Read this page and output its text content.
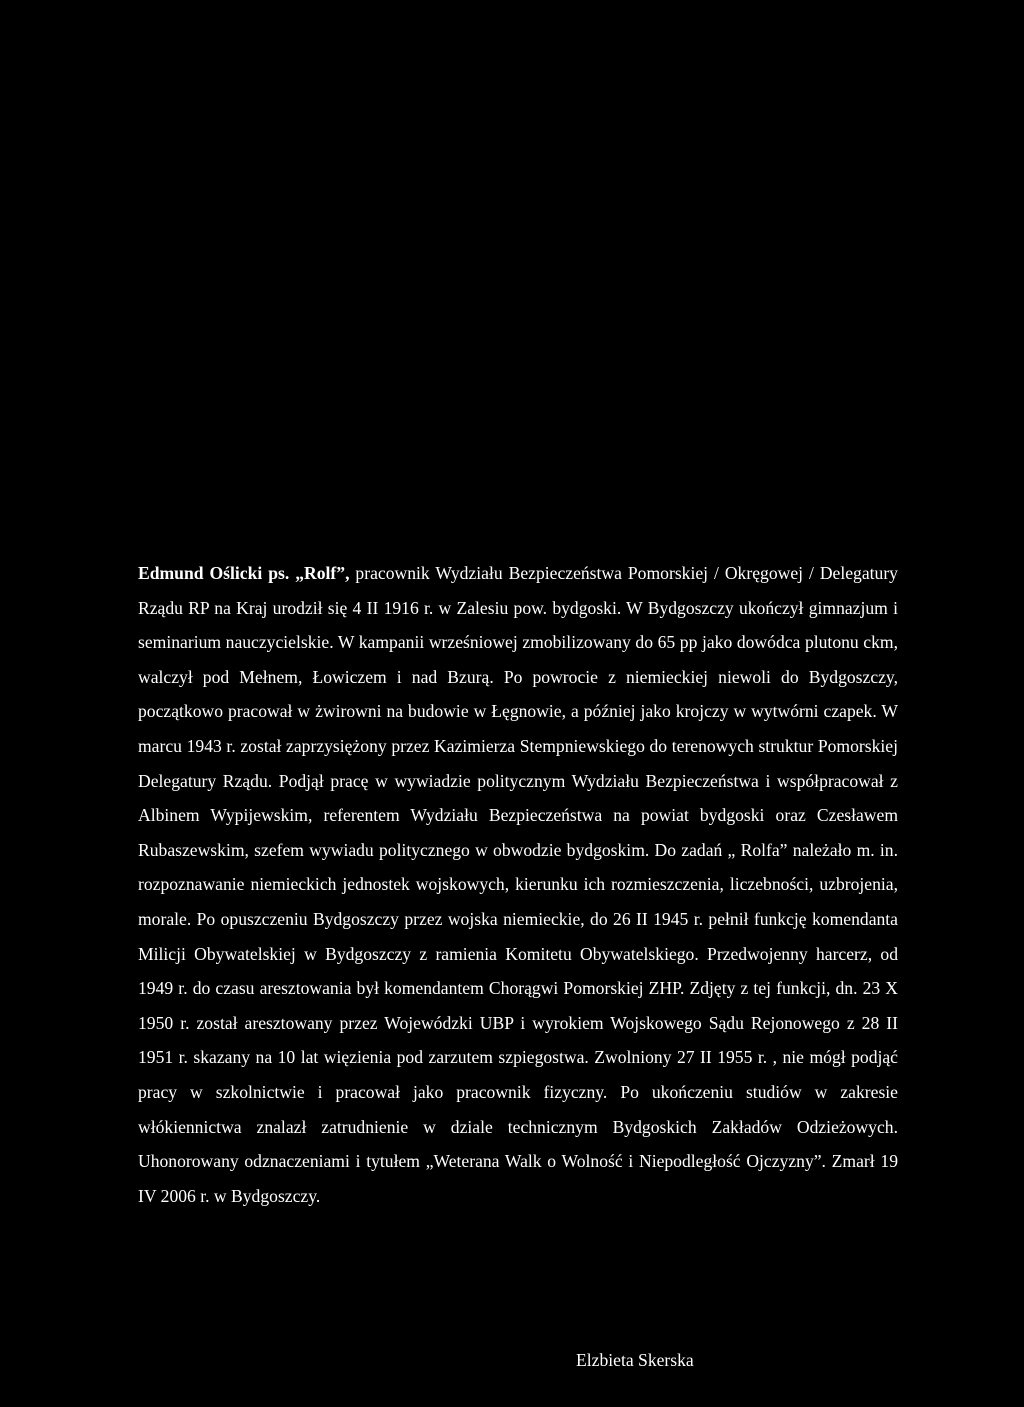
Edmund Oślicki ps. „Rolf”, pracownik Wydziału Bezpieczeństwa Pomorskiej / Okręgowej / Delegatury Rządu RP na Kraj urodził się 4 II 1916 r. w Zalesiu pow. bydgoski. W Bydgoszczy ukończył gimnazjum i seminarium nauczycielskie. W kampanii wrześniowej zmobilizowany do 65 pp jako dowódca plutonu ckm, walczył pod Mełnem, Łowiczem i nad Bzurą. Po powrocie z niemieckiej niewoli do Bydgoszczy, początkowo pracował w żwirowni na budowie w Łęgnowie, a później jako krojczy w wytwórni czapek. W marcu 1943 r. został zaprzysiężony przez Kazimierza Stempniewskiego do terenowych struktur Pomorskiej Delegatury Rządu. Podjął pracę w wywiadzie politycznym Wydziału Bezpieczeństwa i współpracował z Albinem Wypijewskim, referentem Wydziału Bezpieczeństwa na powiat bydgoski oraz Czesławem Rubaszewskim, szefem wywiadu politycznego w obwodzie bydgoskim. Do zadań „ Rolfa” należało m. in. rozpoznawanie niemieckich jednostek wojskowych, kierunku ich rozmieszczenia, liczebności, uzbrojenia, morale. Po opuszczeniu Bydgoszczy przez wojska niemieckie, do 26 II 1945 r. pełnił funkcję komendanta Milicji Obywatelskiej w Bydgoszczy z ramienia Komitetu Obywatelskiego. Przedwojenny harcerz, od 1949 r. do czasu aresztowania był komendantem Chorągwi Pomorskiej ZHP. Zdjęty z tej funkcji, dn. 23 X 1950 r. został aresztowany przez Wojewódzki UBP i wyrokiem Wojskowego Sądu Rejonowego z 28 II 1951 r. skazany na 10 lat więzienia pod zarzutem szpiegostwa. Zwolniony 27 II 1955 r. , nie mógł podjąć pracy w szkolnictwie i pracował jako pracownik fizyczny. Po ukończeniu studiów w zakresie włókiennictwa znalazł zatrudnienie w dziale technicznym Bydgoskich Zakładów Odzieżowych. Uhonorowany odznaczeniami i tytułem „Weterana Walk o Wolność i Niepodległość Ojczyzny”. Zmarł 19 IV 2006 r. w Bydgoszczy.

Elzbieta Skerska
